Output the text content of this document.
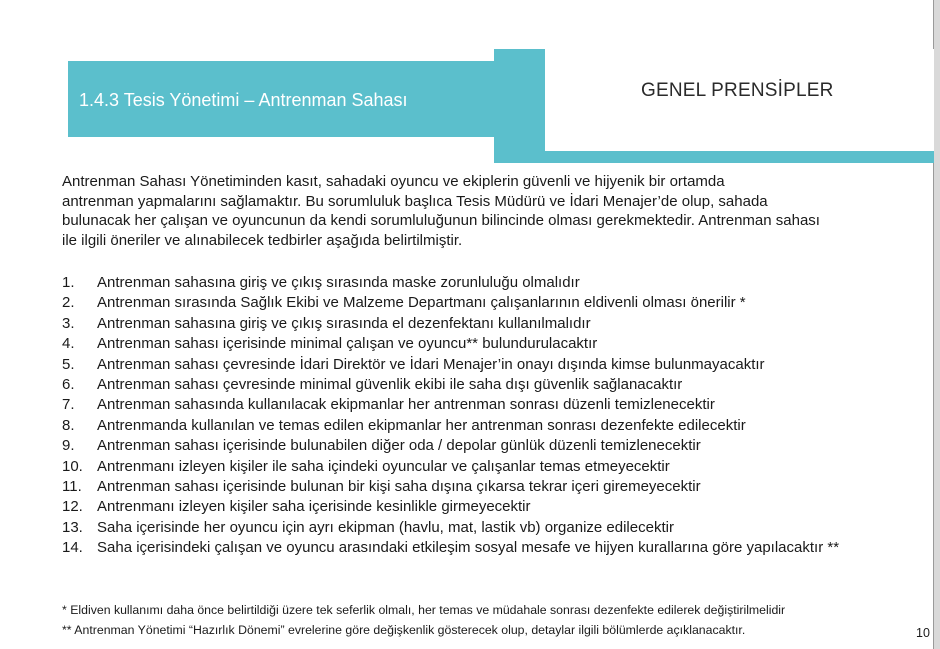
1.4.3 Tesis Yönetimi – Antrenman Sahası	1
GENEL PRENSİPLER
Antrenman Sahası Yönetiminden kasıt, sahadaki oyuncu ve ekiplerin güvenli ve hijyenik bir ortamda
antrenman yapmalarını sağlamaktır. Bu sorumluluk başlıca Tesis Müdürü ve İdari Menajer’de olup, sahada
bulunacak her çalışan ve oyuncunun da kendi sorumluluğunun bilincinde olması gerekmektedir. Antrenman sahası
ile ilgili öneriler ve alınabilecek tedbirler aşağıda belirtilmiştir.
1.	Antrenman sahasına giriş ve çıkış sırasında maske zorunluluğu olmalıdır
2.	Antrenman sırasında Sağlık Ekibi ve Malzeme Departmanı çalışanlarının eldivenli olması önerilir *
3.	Antrenman sahasına giriş ve çıkış sırasında el dezenfektanı kullanılmalıdır
4.	Antrenman sahası içerisinde minimal çalışan ve oyuncu** bulundurulacaktır
5.	Antrenman sahası çevresinde İdari Direktör ve İdari Menajer’in onayı dışında kimse bulunmayacaktır
6.	Antrenman sahası çevresinde minimal güvenlik ekibi ile saha dışı güvenlik sağlanacaktır
7.	Antrenman sahasında kullanılacak ekipmanlar her antrenman sonrası düzenli temizlenecektir
8.	Antrenmanda kullanılan ve temas edilen ekipmanlar her antrenman sonrası dezenfekte edilecektir
9.	Antrenman sahası içerisinde bulunabilen diğer oda / depolar günlük düzenli temizlenecektir
10. Antrenmanı izleyen kişiler ile saha içindeki oyuncular ve çalışanlar temas etmeyecektir
11.	Antrenman sahası içerisinde bulunan bir kişi saha dışına çıkarsa tekrar içeri giremeyecektir
12. Antrenmanı izleyen kişiler saha içerisinde kesinlikle girmeyecektir
13. Saha içerisinde her oyuncu için ayrı ekipman (havlu, mat, lastik vb) organize edilecektir
14. Saha içerisindeki çalışan ve oyuncu arasındaki etkileşim sosyal mesafe ve hijyen kurallarına göre yapılacaktır **
* Eldiven kullanımı daha önce belirtildiği üzere tek seferlik olmalı, her temas ve müdahale sonrası dezenfekte edilerek değiştirilmelidir
** Antrenman Yönetimi “Hazırlık Dönemi” evrelerine göre değişkenlik gösterecek olup, detaylar ilgili bölümlerde açıklanacaktır.	10
